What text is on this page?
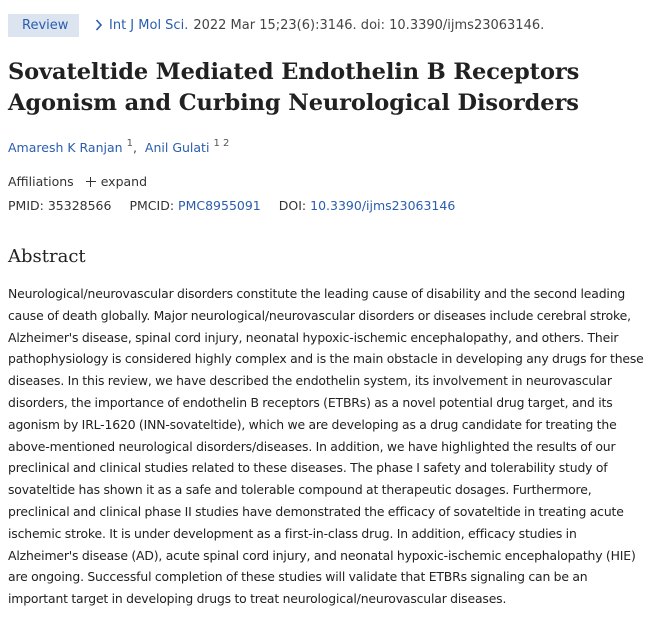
Review	Int J Mol Sci. 2022 Mar 15;23(6):3146. doi: 10.3390/ijms23063146.
Sovateltide Mediated Endothelin B Receptors Agonism and Curbing Neurological Disorders
Amaresh K Ranjan $^1$, Anil Gulati $^{1 2}$
Affiliations expand
PMID: 35328566 PMCID: PMC8955091 DOI: 10.3390/ijms23063146
Abstract

Neurological/neurovascular disorders constitute the leading cause of disability and the second leading cause of death globally. Major neurological/neurovascular disorders or diseases include cerebral stroke, Alzheimer's disease, spinal cord injury, neonatal hypoxic-ischemic encephalopathy, and others. Their pathophysiology is considered highly complex and is the main obstacle in developing any drugs for these diseases. In this review, we have described the endothelin system, its involvement in neurovascular disorders, the importance of endothelin B receptors (ETBRs) as a novel potential drug target, and its agonism by IRL-1620 (INN-sovateltide), which we are developing as a drug candidate for treating the above-mentioned neurological disorders/diseases. In addition, we have highlighted the results of our preclinical and clinical studies related to these diseases. The phase I safety and tolerability study of sovateltide has shown it as a safe and tolerable compound at therapeutic dosages. Furthermore, preclinical and clinical phase II studies have demonstrated the efficacy of sovateltide in treating acute ischemic stroke. It is under development as a first-in-class drug. In addition, efficacy studies in Alzheimer's disease (AD), acute spinal cord injury, and neonatal hypoxic-ischemic encephalopathy (HIE) are ongoing. Successful completion of these studies will validate that ETBRs signaling can be an important target in developing drugs to treat neurological/neurovascular diseases.
